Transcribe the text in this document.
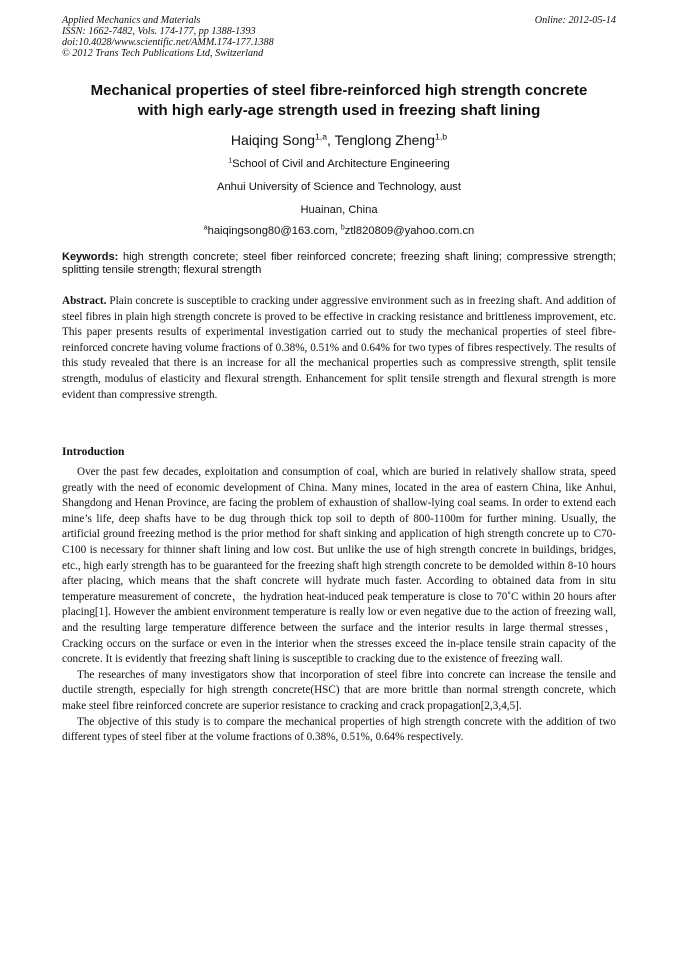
Applied Mechanics and Materials
ISSN: 1662-7482, Vols. 174-177, pp 1388-1393
doi:10.4028/www.scientific.net/AMM.174-177.1388
© 2012 Trans Tech Publications Ltd, Switzerland
Online: 2012-05-14
Mechanical properties of steel fibre-reinforced high strength concrete
with high early-age strength used in freezing shaft lining
Haiqing Song$^{1,a}$, Tenglong Zheng$^{1,b}$
$^1$School of Civil and Architecture Engineering
Anhui University of Science and Technology, aust
Huainan, China
$^a$haiqingsong80@163.com, $^b$ztl820809@yahoo.com.cn
Keywords: high strength concrete; steel fiber reinforced concrete; freezing shaft lining; compressive strength; splitting tensile strength; flexural strength
Abstract. Plain concrete is susceptible to cracking under aggressive environment such as in freezing shaft. And addition of steel fibres in plain high strength concrete is proved to be effective in cracking resistance and brittleness improvement, etc. This paper presents results of experimental investigation carried out to study the mechanical properties of steel fibre-reinforced concrete having volume fractions of 0.38%, 0.51% and 0.64% for two types of fibres respectively. The results of this study revealed that there is an increase for all the mechanical properties such as compressive strength, split tensile strength, modulus of elasticity and flexural strength. Enhancement for split tensile strength and flexural strength is more evident than compressive strength.
Introduction

Over the past few decades, exploitation and consumption of coal, which are buried in relatively shallow strata, speed greatly with the need of economic development of China. Many mines, located in the area of eastern China, like Anhui, Shangdong and Henan Province, are facing the problem of exhaustion of shallow-lying coal seams. In order to extend each mine’s life, deep shafts have to be dug through thick top soil to depth of 800-1100m for further mining. Usually, the artificial ground freezing method is the prior method for shaft sinking and application of high strength concrete up to C70-C100 is necessary for thinner shaft lining and low cost. But unlike the use of high strength concrete in buildings, bridges, etc., high early strength has to be guaranteed for the freezing shaft high strength concrete to be demolded within 8-10 hours after placing, which means that the shaft concrete will hydrate much faster. According to obtained data from in situ temperature measurement of concrete，the hydration heat-induced peak temperature is close to 70˚C within 20 hours after placing[1]. However the ambient environment temperature is really low or even negative due to the action of freezing wall, and the resulting large temperature difference between the surface and the interior results in large thermal stresses，Cracking occurs on the surface or even in the interior when the stresses exceed the in-place tensile strain capacity of the concrete. It is evidently that freezing shaft lining is susceptible to cracking due to the existence of freezing wall.

The researches of many investigators show that incorporation of steel fibre into concrete can increase the tensile and ductile strength, especially for high strength concrete(HSC) that are more brittle than normal strength concrete, which make steel fibre reinforced concrete are superior resistance to cracking and crack propagation[2,3,4,5].

The objective of this study is to compare the mechanical properties of high strength concrete with the addition of two different types of steel fiber at the volume fractions of 0.38%, 0.51%, 0.64% respectively.
